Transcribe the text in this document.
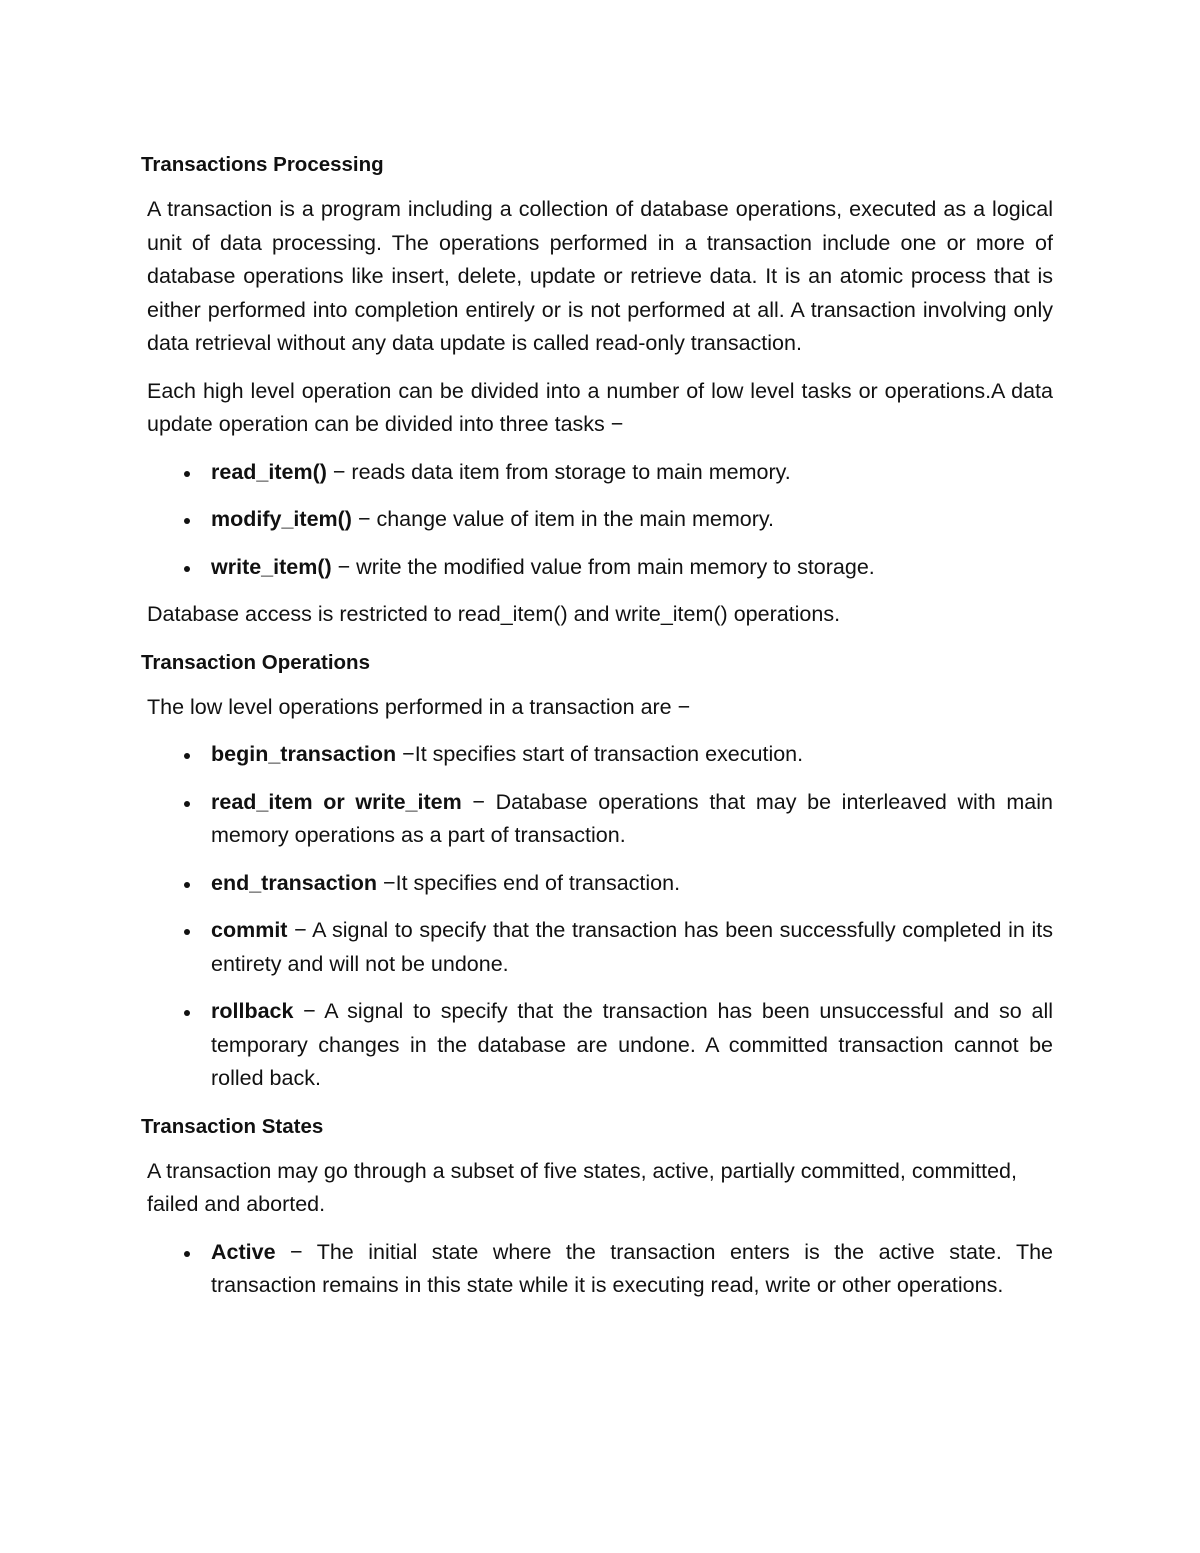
Transactions Processing

A transaction is a program including a collection of database operations, executed as a logical unit of data processing. The operations performed in a transaction include one or more of database operations like insert, delete, update or retrieve data. It is an atomic process that is either performed into completion entirely or is not performed at all. A transaction involving only data retrieval without any data update is called read-only transaction.

Each high level operation can be divided into a number of low level tasks or operations.A data update operation can be divided into three tasks −

read_item() − reads data item from storage to main memory.
modify_item() − change value of item in the main memory.
write_item() − write the modified value from main memory to storage.

Database access is restricted to read_item() and write_item() operations.

Transaction Operations

The low level operations performed in a transaction are −

begin_transaction −It specifies start of transaction execution.
read_item or write_item − Database operations that may be interleaved with main memory operations as a part of transaction.
end_transaction −It specifies end of transaction.
commit − A signal to specify that the transaction has been successfully completed in its entirety and will not be undone.
rollback − A signal to specify that the transaction has been unsuccessful and so all temporary changes in the database are undone. A committed transaction cannot be rolled back.
Transaction States

A transaction may go through a subset of five states, active, partially committed, committed, failed and aborted.

Active − The initial state where the transaction enters is the active state. The transaction remains in this state while it is executing read, write or other operations.
